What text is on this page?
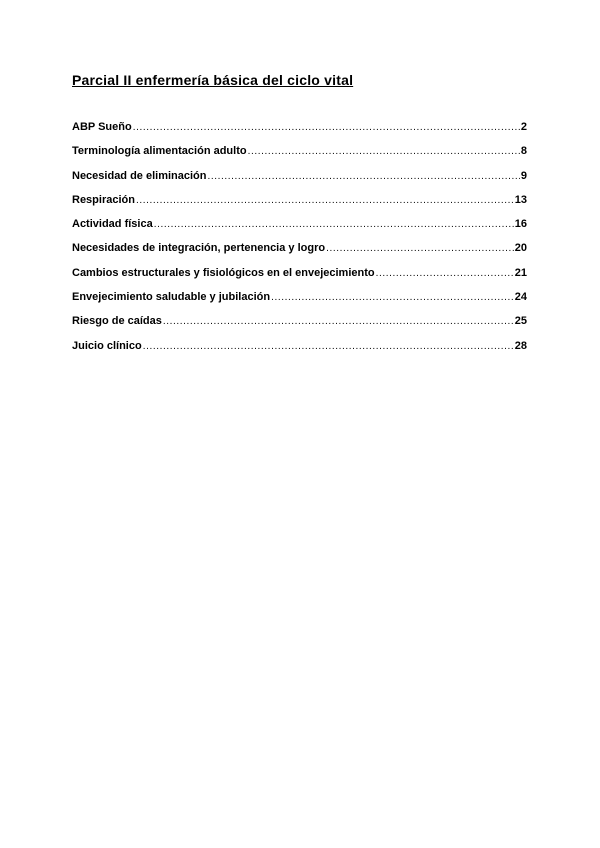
Parcial II enfermería básica del ciclo vital
ABP Sueño .....	2
Terminología alimentación adulto .....	8
Necesidad de eliminación .....	9
Respiración .....	13
Actividad física .....	16
Necesidades de integración, pertenencia y logro .....	20
Cambios estructurales y fisiológicos en el envejecimiento .....	21
Envejecimiento saludable y jubilación .....	24
Riesgo de caídas .....	25
Juicio clínico .....	28
